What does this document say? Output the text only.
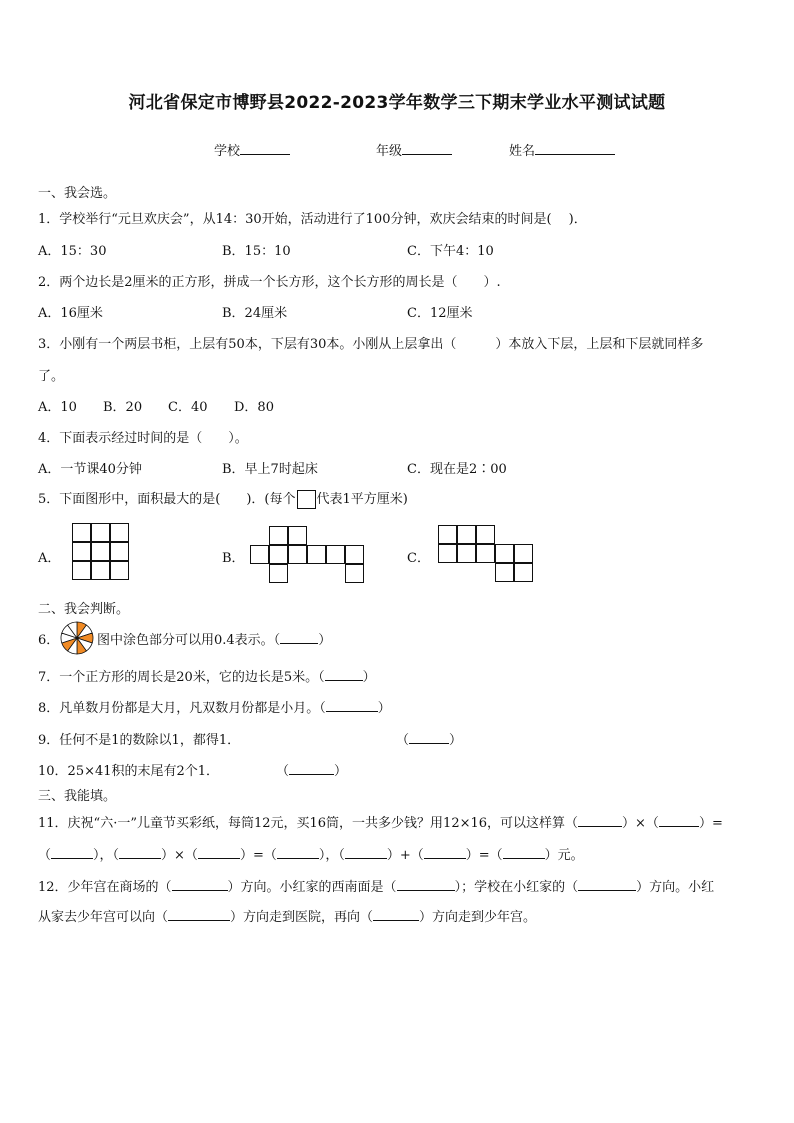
河北省保定市博野县2022-2023学年数学三下期末学业水平测试试题
学校	年级	姓名
一、我会选。
1．学校举行“元旦欢庆会”，从14：30开始，活动进行了100分钟，欢庆会结束的时间是(　 )．
A．15：30	B．15：10	C．下午4：10
2．两个边长是2厘米的正方形，拼成一个长方形，这个长方形的周长是（　　）.
A．16厘米	B．24厘米	C．12厘米
3．小刚有一个两层书柜，上层有50本，下层有30本。小刚从上层拿出（　　　）本放入下层，上层和下层就同样多
了。
A．10 B．20 C．40 D．80
4．下面表示经过时间的是（　　）。
A．一节课40分钟	B．早上7时起床	C．现在是2∶00
5．下面图形中，面积最大的是(　　)．(每个 代表1平方厘米)
A．	B．	C．
二、我会判断。
6．	图中涂色部分可以用0.4表示。（	）
7．一个正方形的周长是20米，它的边长是5米。（	）
8．凡单数月份都是大月，凡双数月份都是小月。（	）
9．任何不是1的数除以1，都得1．	（	）
10．25×41积的末尾有2个1．	（	）
三、我能填。
11．庆祝“六·一”儿童节买彩纸，每筒12元，买16筒，一共多少钱？用12×16，可以这样算（	）×（	）=
（	），（	）×（	）=（	），（	）+（	）=（	）元。
12．少年宫在商场的（	）方向。小红家的西南面是（	）；学校在小红家的（	）方向。小红
从家去少年宫可以向（	）方向走到医院，再向（	）方向走到少年宫。
